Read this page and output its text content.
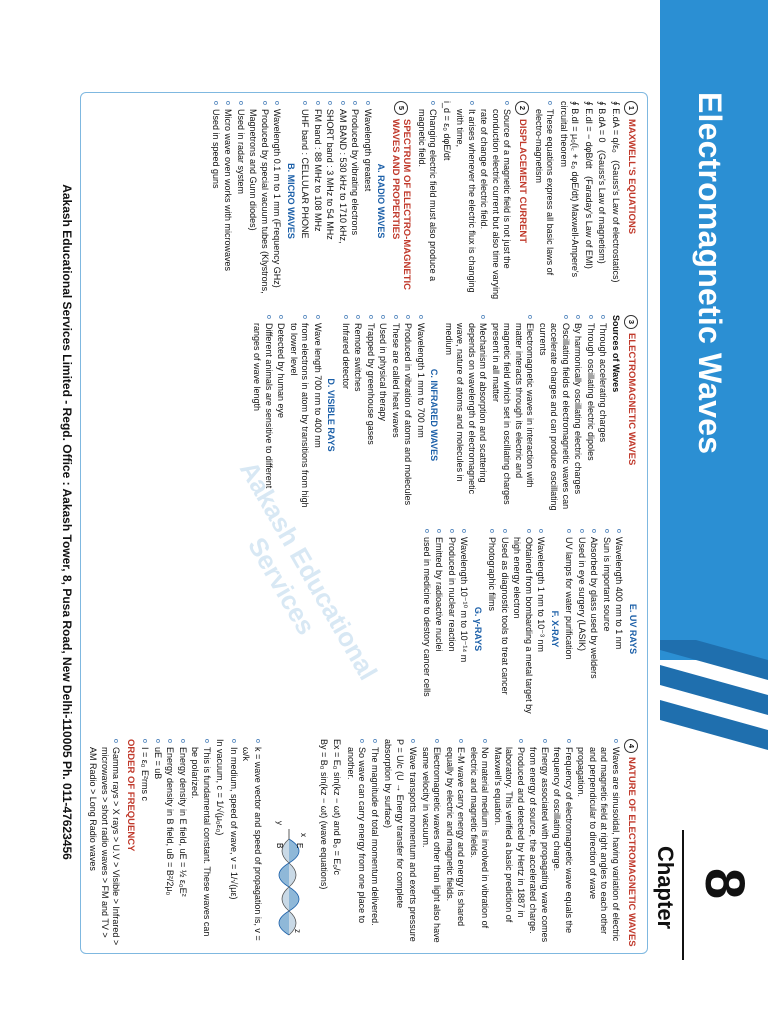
Electromagnetic Waves
8
Chapter
Aakash Educational Services
1
MAXWELL'S EQUATIONS
∮ E.dA = q/ε₀   (Gauss's Law of electrostatics)
∮ B.dA = 0   (Gauss's Law of magnetism)
∮ E.dl = − dφB/dt   (Faraday's Law of EMI)
∮ B.dl = μ₀(i꜀ + ε₀ dφE/dt) Maxwell-Ampere's circuital theorem
o These equations express all basic laws of electro-magnetism
2
DISPLACEMENT CURRENT
o Source of a magnetic field is not just the conduction electric current but also time varying rate of change of electric field.
o It arises whenever the electric flux is changing with time,
i_d = ε₀ dφE/dt
o Changing electric field must also produce a magnetic field.
5
SPECTRUM OF ELECTRO-MAGNETIC WAVES AND PROPERTIES
A. RADIO WAVES
o Wavelength greatest
o Produced by vibrating electrons
o AM BAND : 530 kHz to 1710 kHz,
o SHORT band : 3 MHz to 54 MHz
o FM band : 88 MHz to 108 MHz
o UHF band : CELLULAR PHONE
B. MICRO WAVES
o Wavelength 0.1 m to 1 mm (Frequency GHz)
o Produced by special vacuum tubes (Klystrons, Magnetrons and Gunn diodes)
o Used in radar system
o Micro wave oven works with microwaves
o Used in speed guns
3
ELECTROMAGNETIC WAVES
Sources of Waves
o Through accelerating charges
o Through oscillating electric dipoles
o By harmonically oscillating electric charges
o Oscillating fields of electromagnetic waves can accelerate charges and can produce oscillating currents
o Electromagnetic waves in interaction with matter interacts through its electric and magnetic field which set in oscillating charges present in all matter
o Mechanism of absorption and scattering depends on wavelength of electromagnetic wave, nature of atoms and molecules in medium
C. INFRARED WAVES
o Wavelength 1 mm to 700 nm
o Produced in vibration of atoms and molecules
o These are called heat waves
o Used in physical therapy
o Trapped by greenhouse gases
o Remote switches
o Infrared detector
D. VISIBLE RAYS
o Wave length 700 nm to 400 nm
o from electrons in atom by transitions from high to lower level
o Detected by human eye
o Different animals are sensitive to different ranges of wave length
E. UV RAYS
o Wavelength 400 nm to 1 nm
o Sun is important source
o Absorbed by glass used by welders
o Used in eye surgery (LASIK)
o UV lamps for water purification
F. X-RAY
o Wavelength 1 nm to 10⁻³ nm
o Obtained from bombarding a metal target by high energy electron
o Used as diagnostic tools to treat cancer
o Photographic films
G. γ-RAYS
o Wavelength 10⁻¹⁰ m to 10⁻¹⁴ m
o Produced in nuclear reaction
o Emitted by radioactive nuclei
o used in medicine to destory cancer cells
4
NATURE OF ELECTROMAGNETIC WAVES
o Waves are sinusoidal, having variation of electric and magnetic field at right angles to each other and perpendicular to direction of wave propagation.
o Frequency of electromagnetic wave equals the frequency of oscillating charge.
o Energy associated with propagating wave comes from energy of source, the accelerated charge.
o Produced and detected by Hertz in 1887 in laboratory. This verified a basic prediction of Maxwell's equation.
o No material medium is involved in vibration of electric and magnetic fields.
o E-M wave carry energy and energy is shared equally by electric and magnetic fields.
o Electromagnetic waves other than light also have same velocity in vacuum.
o Wave transports momentum and exerts pressure
P = U/c (U → Energy transfer for complete absorption by surface)
o The magnitude of total momentum delivered.
o So wave can carry energy from one place to another.
Ex = E₀ sin(kz − ωt) and B₀ = E₀/c
By = B₀ sin(kz − ωt) (wave equations)
x
E
B
y
z
o k = wave vector and speed of propagation is, v = ω/k
o In medium, speed of wave, v = 1/√(με)
In vacuum, c = 1/√(μ₀ε₀)
o This is fundamental constant. These waves can be polarized.
o Energy density in E field, uE = ½ ε₀E²
o Energy density in B field, uB = B²/2μ₀
o uE = uB
o I = ε₀ E²rms c
ORDER OF FREQUENCY
o Gamma rays > X rays > U.V > Visible > Infrared > microwaves > short radio waves > FM and TV > AM Radio > Long Radio waves
Aakash Educational Services Limited - Regd. Office : Aakash Tower, 8, Pusa Road, New Delhi-110005 Ph. 011-47623456
